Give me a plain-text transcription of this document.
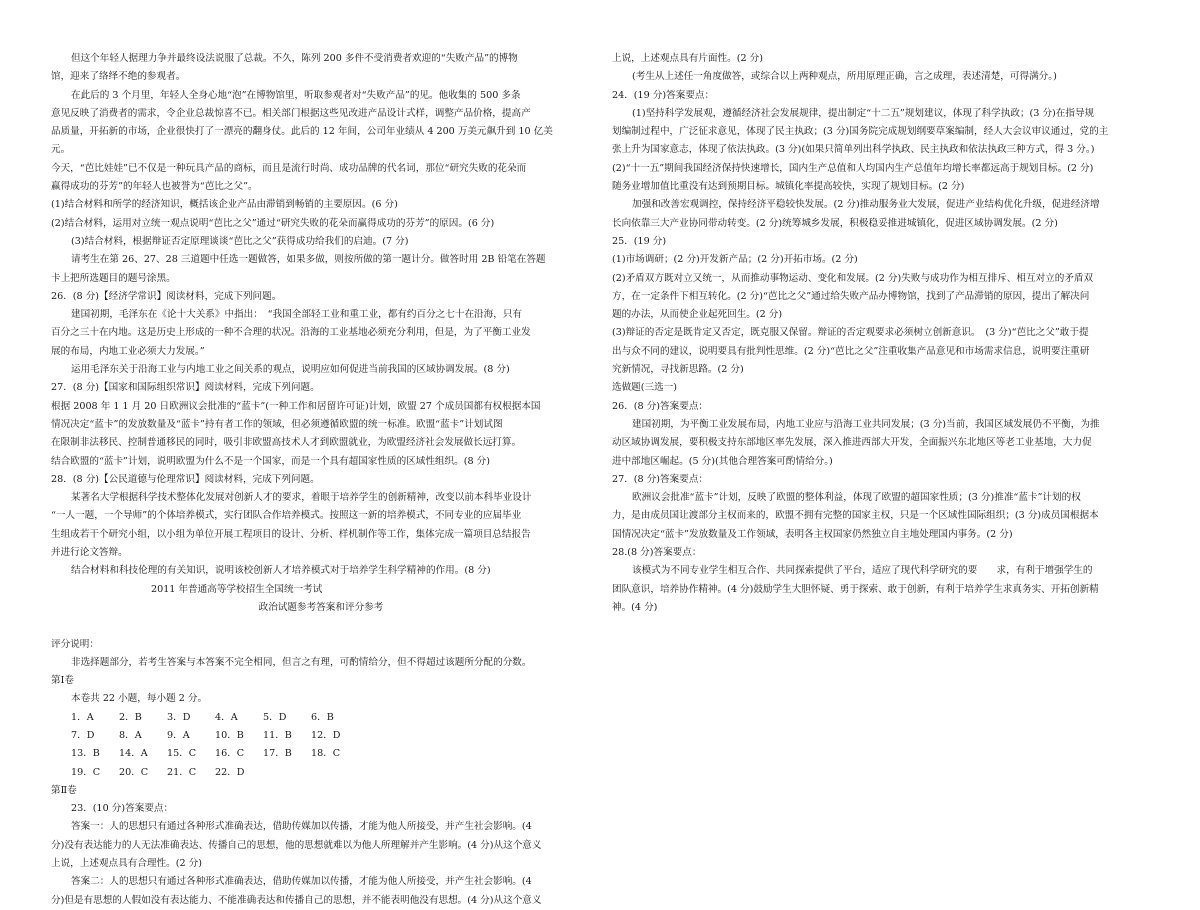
但这个年轻人据理力争并最终设法说服了总裁。不久，陈列 200 多件不受消费者欢迎的“失败产品”的博物
馆，迎来了络绎不绝的参观者。
在此后的 3 个月里，年轻人全身心地“泡”在博物馆里，听取参观者对“失败产品”的见。他收集的 500 多条
意见反映了消费者的需求，令企业总裁惊喜不已。相关部门根据这些见改进产品设计式样，调整产品价格，提高产
品质量，开拓新的市场，企业很快打了一漂亮的翻身仗。此后的 12 年间，公司年业绩从 4 200 万美元飙升到 10 亿美
元。
今天，“芭比娃娃”已不仅是一种玩具产品的商标，而且是流行时尚、成功品牌的代名词，那位“研究失败的花朵而
赢得成功的芬芳”的年轻人也被誉为“芭比之父”。
(1)结合材料和所学的经济知识，概括该企业产品由滞销到畅销的主要原因。(6 分)
(2)结合材料，运用对立统一观点说明“芭比之父”通过“研究失败的花朵而赢得成功的芬芳”的原因。(6 分)
(3)结合材料，根据辩证否定原理谈谈“芭比之父”获得成功给我们的启迪。(7 分)
请考生在第 26、27、28 三道题中任选一题做答，如果多做，则按所做的第一题计分。做答时用 2B 铅笔在答题
卡上把所选题目的题号涂黑。
26．(8 分)【经济学常识】阅读材料，完成下列问题。
建国初期，毛泽东在《论十大关系》中指出：　“我国全部轻工业和重工业，都有约百分之七十在沿海，只有
百分之三十在内地。这是历史上形成的一种不合理的状况。沿海的工业基地必须充分利用，但是，为了平衡工业发
展的布局，内地工业必须大力发展。”
运用毛泽东关于沿海工业与内地工业之间关系的观点，说明应如何促进当前我国的区域协调发展。(8 分)
27．(8 分)【国家和国际组织常识】阅读材料，完成下列问题。
根据 2008 年 1 1 月 20 日欧洲议会批准的“蓝卡”(一种工作和居留许可证)计划，欧盟 27 个成员国都有权根据本国
情况决定“蓝卡”的发放数量及“蓝卡”持有者工作的领域，但必须遵循欧盟的统一标准。欧盟“蓝卡”计划试图
在限制非法移民、控制普通移民的同时，吸引非欧盟高技术人才到欧盟就业，为欧盟经济社会发展做长远打算。
结合欧盟的“蓝卡”计划，说明欧盟为什么不是一个国家，而是一个具有超国家性质的区域性组织。(8 分)
28．(8 分)【公民道德与伦理常识】阅读材料，完成下列问题。
某著名大学根据科学技术整体化发展对创新人才的要求，着眼于培养学生的创新精神，改变以前本科毕业设计
“一人一题，一个导师”的个体培养模式，实行团队合作培养模式。按照这一新的培养模式，不同专业的应届毕业
生组成若干个研究小组，以小组为单位开展工程项目的设计、分析、样机制作等工作，集体完成一篇项目总结报告
并进行论文答辩。
结合材料和科技伦理的有关知识，说明该校创新人才培养模式对于培养学生科学精神的作用。(8 分)
2011 年普通高等学校招生全国统一考试
政治试题参考答案和评分参考
评分说明：
非选择题部分，若考生答案与本答案不完全相同，但言之有理，可酌情给分，但不得超过该题所分配的分数。
第Ⅰ卷
本卷共 22 小题，每小题 2 分。
1．A	2．B	3．D	4．A	5．D	6．B
7．D	8．A	9．A	10．B 11．B 12．D
13．B 14．A 15．C 16．C 17．B 18．C
19．C 20．C 21．C 22．D
第Ⅱ卷
23．(10 分)答案要点：
答案一：人的思想只有通过各种形式准确表达，借助传媒加以传播，才能为他人所接受，并产生社会影响。(4
分)没有表达能力的人无法准确表达、传播自己的思想，他的思想就难以为他人所理解并产生影响。(4 分)从这个意义
上说，上述观点具有合理性。(2 分)
答案二：人的思想只有通过各种形式准确表达，借助传媒加以传播，才能为他人所接受，并产生社会影响。(4
分)但是有思想的人假如没有表达能力、不能准确表达和传播自己的思想，并不能表明他没有思想。(4 分)从这个意义
上说，上述观点具有片面性。(2 分)
(考生从上述任一角度做答，或综合以上两种观点，所用原理正确，言之成理，表述清楚，可得满分。)
24．(19 分)答案要点：
(1)坚持科学发展观，遵循经济社会发展规律，提出制定“十二五”规划建议，体现了科学执政；(3 分)在指导规
划编制过程中，广泛征求意见，体现了民主执政；(3 分)国务院完成规划纲要草案编制，经人大会议审议通过，党的主
张上升为国家意志，体现了依法执政。(3 分)(如果只简单列出科学执政、民主执政和依法执政三种方式，得 3 分。)
(2)“十一五”期间我国经济保持快速增长，国内生产总值和人均国内生产总值年均增长率都远高于规划目标。(2 分)
随务业增加值比重没有达到预期目标。城镇化率提高较快，实现了规划目标。(2 分)
加强和改善宏观调控，保持经济平稳较快发展。(2 分)推动服务业大发展，促进产业结构优化升级，促进经济增
长向依靠三大产业协同带动转变。(2 分)统筹城乡发展，积极稳妥推进城镇化，促进区域协调发展。(2 分)
25．(19 分)
(1)市场调研；(2 分)开发新产品；(2 分)开拓市场。(2 分)
(2)矛盾双方既对立又统一，从而推动事物运动、变化和发展。(2 分)失败与成功作为相互排斥、相互对立的矛盾双
方，在一定条件下相互转化。(2 分)“芭比之父”通过给失败产品办博物馆，找到了产品滞销的原因，提出了解决问
题的办法，从而使企业起死回生。(2 分)
(3)辩证的否定是既肯定又否定，既克服又保留。辩证的否定观要求必须树立创新意识。　(3 分)“芭比之父”敢于提
出与众不同的建议，说明要具有批判性思维。(2 分)“芭比之父”注重收集产品意见和市场需求信息，说明要注重研
究新情况，寻找新思路。(2 分)
选做题(三选一)
26．(8 分)答案要点：
建国初期，为平衡工业发展布局，内地工业应与沿海工业共同发展；(3 分)当前，我国区域发展仍不平衡，为推
动区域协调发展，要积极支持东部地区率先发展，深入推进西部大开发，全面振兴东北地区等老工业基地，大力促
进中部地区崛起。(5 分)(其他合理答案可酌情给分。)
27．(8 分)答案要点：
欧洲议会批准“蓝卡”计划，反映了欧盟的整体利益，体现了欧盟的超国家性质；(3 分)推准“蓝卡”计划的权
力，是由成员国让渡部分主权而来的，欧盟不拥有完整的国家主权，只是一个区域性国际组织；(3 分)成员国根据本
国情况决定“蓝卡”发放数量及工作领域，表明各主权国家仍然独立自主地处理国内事务。(2 分)
28.(8 分)答案要点：
该模式为不同专业学生相互合作、共同探索提供了平台，适应了现代科学研究的要　　求，有利于增强学生的
团队意识，培养协作精神。(4 分)鼓励学生大胆怀疑、勇于探索、敢于创新，有利于培养学生求真务实、开拓创新精
神。(4 分)
